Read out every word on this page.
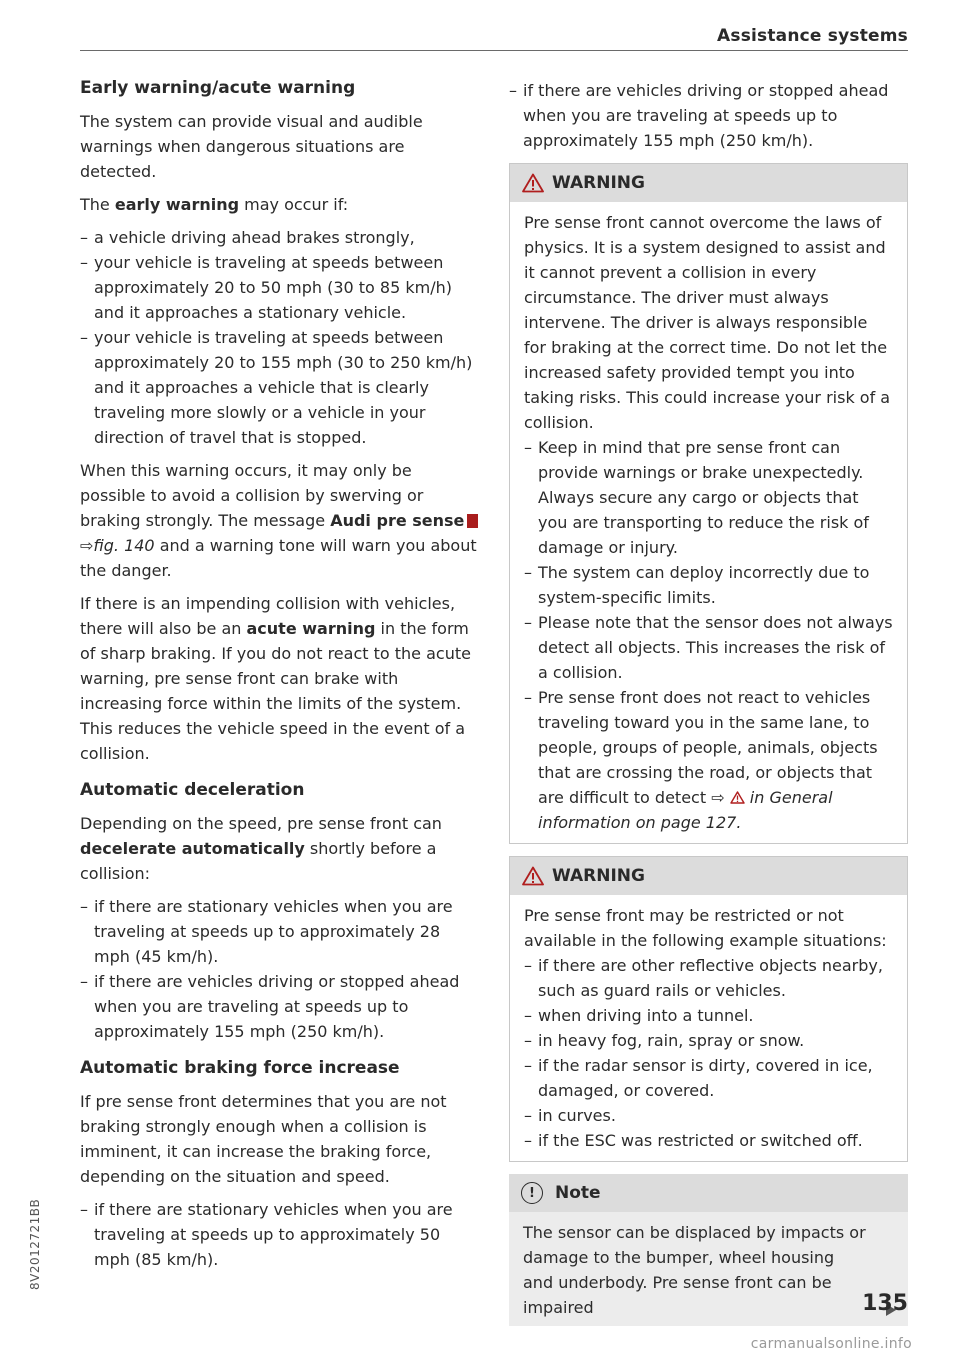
Assistance systems
Early warning/acute warning

The system can provide visual and audible warnings when dangerous situations are detected.

The early warning may occur if:

– a vehicle driving ahead brakes strongly,
– your vehicle is traveling at speeds between approximately 20 to 50 mph (30 to 85 km/h) and it approaches a stationary vehicle.
– your vehicle is traveling at speeds between approximately 20 to 155 mph (30 to 250 km/h) and it approaches a vehicle that is clearly traveling more slowly or a vehicle in your direction of travel that is stopped.

When this warning occurs, it may only be possible to avoid a collision by swerving or braking strongly. The message Audi pre sense ⇨fig. 140 and a warning tone will warn you about the danger.

If there is an impending collision with vehicles, there will also be an acute warning in the form of sharp braking. If you do not react to the acute warning, pre sense front can brake with increasing force within the limits of the system. This reduces the vehicle speed in the event of a collision.

Automatic deceleration

Depending on the speed, pre sense front can decelerate automatically shortly before a collision:

– if there are stationary vehicles when you are traveling at speeds up to approximately 28 mph (45 km/h).
– if there are vehicles driving or stopped ahead when you are traveling at speeds up to approximately 155 mph (250 km/h).
Automatic braking force increase

If pre sense front determines that you are not braking strongly enough when a collision is imminent, it can increase the braking force, depending on the situation and speed.

– if there are stationary vehicles when you are traveling at speeds up to approximately 50 mph (85 km/h).
– if there are vehicles driving or stopped ahead when you are traveling at speeds up to approximately 155 mph (250 km/h).
WARNING

Pre sense front cannot overcome the laws of physics. It is a system designed to assist and it cannot prevent a collision in every circumstance. The driver must always intervene. The driver is always responsible for braking at the correct time. Do not let the increased safety provided tempt you into taking risks. This could increase your risk of a collision.

– Keep in mind that pre sense front can provide warnings or brake unexpectedly. Always secure any cargo or objects that you are transporting to reduce the risk of damage or injury.
– The system can deploy incorrectly due to system-specific limits.
– Please note that the sensor does not always detect all objects. This increases the risk of a collision.
– Pre sense front does not react to vehicles traveling toward you in the same lane, to people, groups of people, animals, objects that are crossing the road, or objects that are difficult to detect ⇨ in General information on page 127.
WARNING

Pre sense front may be restricted or not available in the following example situations:

– if there are other reflective objects nearby, such as guard rails or vehicles.
– when driving into a tunnel.
– in heavy fog, rain, spray or snow.
– if the radar sensor is dirty, covered in ice, damaged, or covered.
– in curves.
– if the ESC was restricted or switched off.
!	Note

The sensor can be displaced by impacts or damage to the bumper, wheel housing and underbody. Pre sense front can be impaired

8V2012721BB
135
carmanualsonline.info
